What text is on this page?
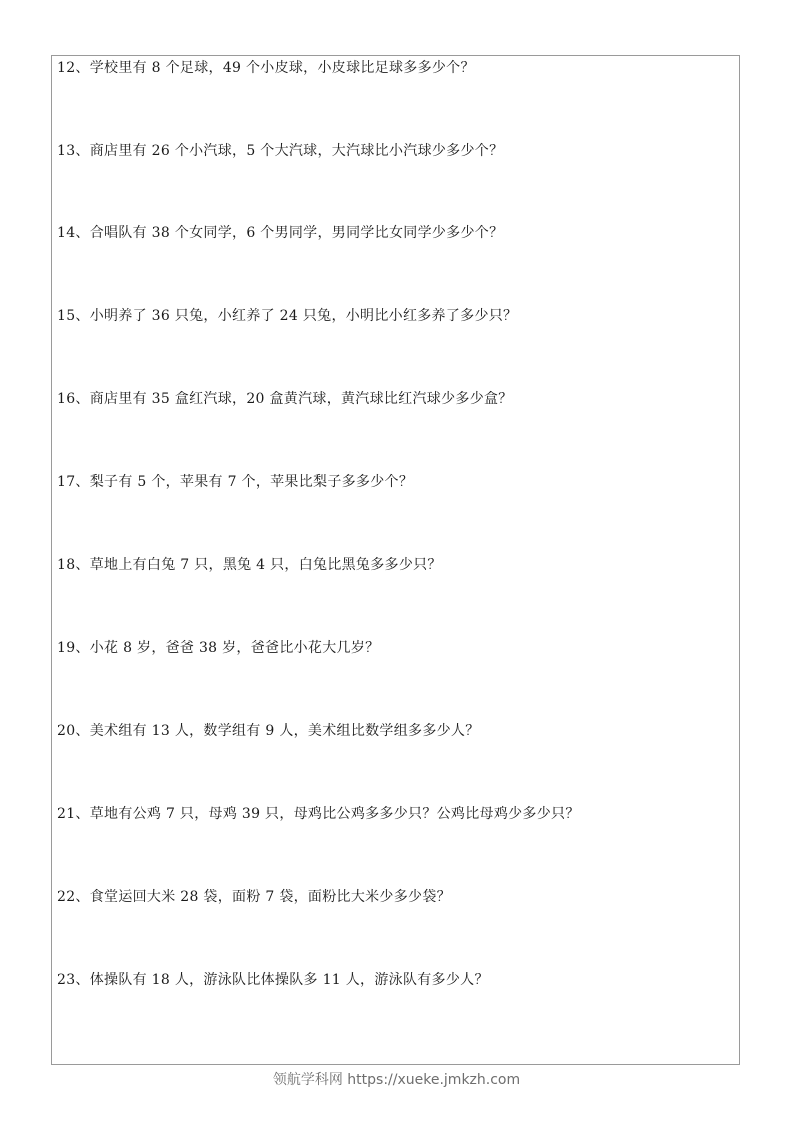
12、学校里有 8 个足球，49 个小皮球，小皮球比足球多多少个？
13、商店里有 26 个小汽球，5 个大汽球，大汽球比小汽球少多少个？
14、合唱队有 38 个女同学，6 个男同学，男同学比女同学少多少个？
15、小明养了 36 只兔，小红养了 24 只兔，小明比小红多养了多少只？
16、商店里有 35 盒红汽球，20 盒黄汽球，黄汽球比红汽球少多少盒？
17、梨子有 5 个，苹果有 7 个，苹果比梨子多多少个？
18、草地上有白兔 7 只，黑兔 4 只，白兔比黑兔多多少只？
19、小花 8 岁，爸爸 38 岁，爸爸比小花大几岁？
20、美术组有 13 人，数学组有 9 人，美术组比数学组多多少人？
21、草地有公鸡 7 只，母鸡 39 只，母鸡比公鸡多多少只？公鸡比母鸡少多少只？
22、食堂运回大米 28 袋，面粉 7 袋，面粉比大米少多少袋？
23、体操队有 18 人，游泳队比体操队多 11 人，游泳队有多少人？
领航学科网 https://xueke.jmkzh.com
